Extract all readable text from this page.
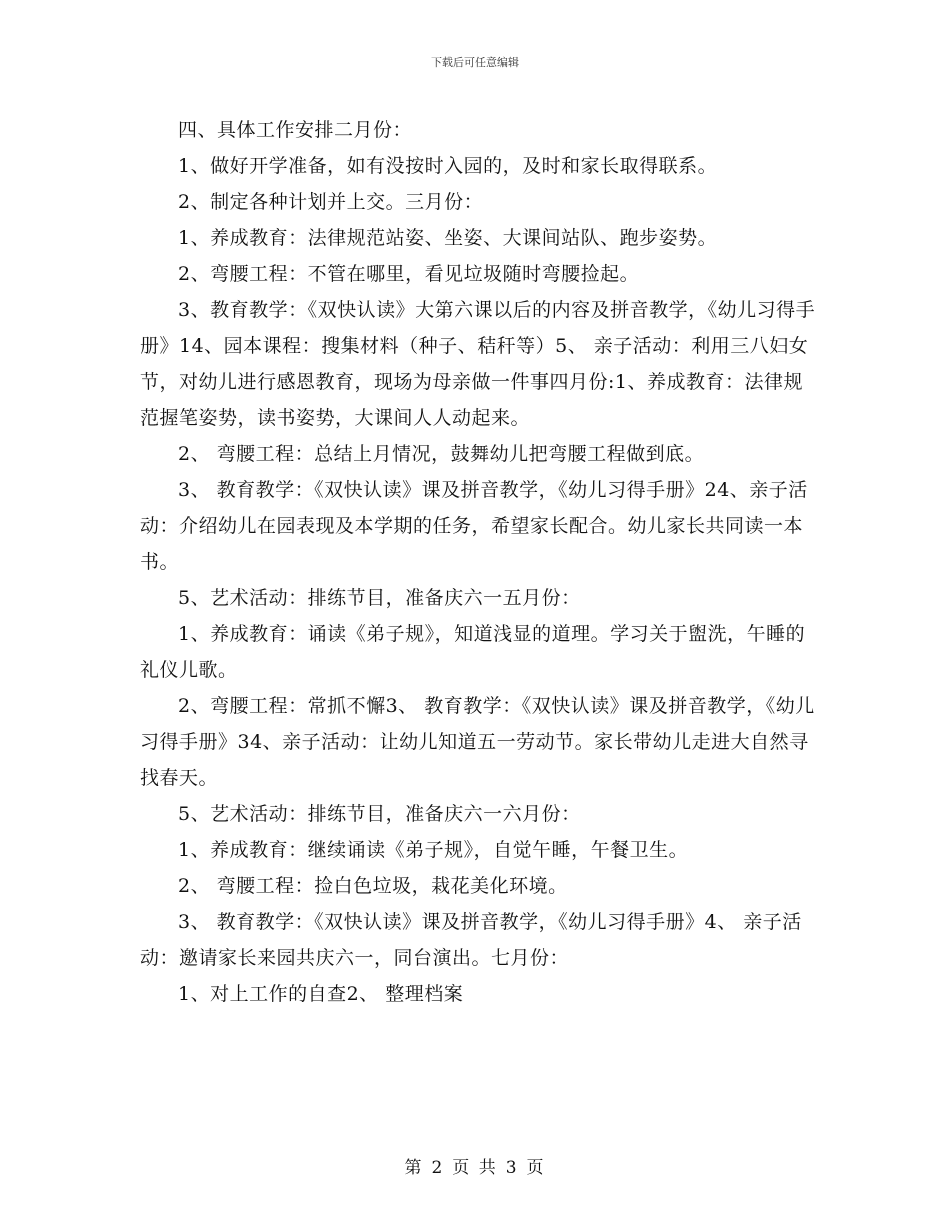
下载后可任意编辑

四、具体工作安排二月份：

1、做好开学准备，如有没按时入园的，及时和家长取得联系。

2、制定各种计划并上交。三月份：

1、养成教育：法律规范站姿、坐姿、大课间站队、跑步姿势。

2、弯腰工程：不管在哪里，看见垃圾随时弯腰捡起。

3、教育教学：《双快认读》大第六课以后的内容及拼音教学，《幼儿习得手册》14、园本课程：搜集材料（种子、秸秆等）5、 亲子活动：利用三八妇女节，对幼儿进行感恩教育，现场为母亲做一件事四月份:1、养成教育：法律规范握笔姿势，读书姿势，大课间人人动起来。

2、 弯腰工程：总结上月情况，鼓舞幼儿把弯腰工程做到底。

3、 教育教学：《双快认读》课及拼音教学，《幼儿习得手册》24、亲子活动：介绍幼儿在园表现及本学期的任务，希望家长配合。幼儿家长共同读一本书。

5、艺术活动：排练节目，准备庆六一五月份：

1、养成教育：诵读《弟子规》，知道浅显的道理。学习关于盥洗，午睡的礼仪儿歌。

2、弯腰工程：常抓不懈3、 教育教学：《双快认读》课及拼音教学，《幼儿习得手册》34、亲子活动：让幼儿知道五一劳动节。家长带幼儿走进大自然寻找春天。

5、艺术活动：排练节目，准备庆六一六月份：

1、养成教育：继续诵读《弟子规》，自觉午睡，午餐卫生。

2、 弯腰工程：捡白色垃圾，栽花美化环境。

3、 教育教学：《双快认读》课及拼音教学，《幼儿习得手册》4、 亲子活动：邀请家长来园共庆六一，同台演出。七月份：

1、对上工作的自查2、 整理档案

第 2 页 共 3 页
